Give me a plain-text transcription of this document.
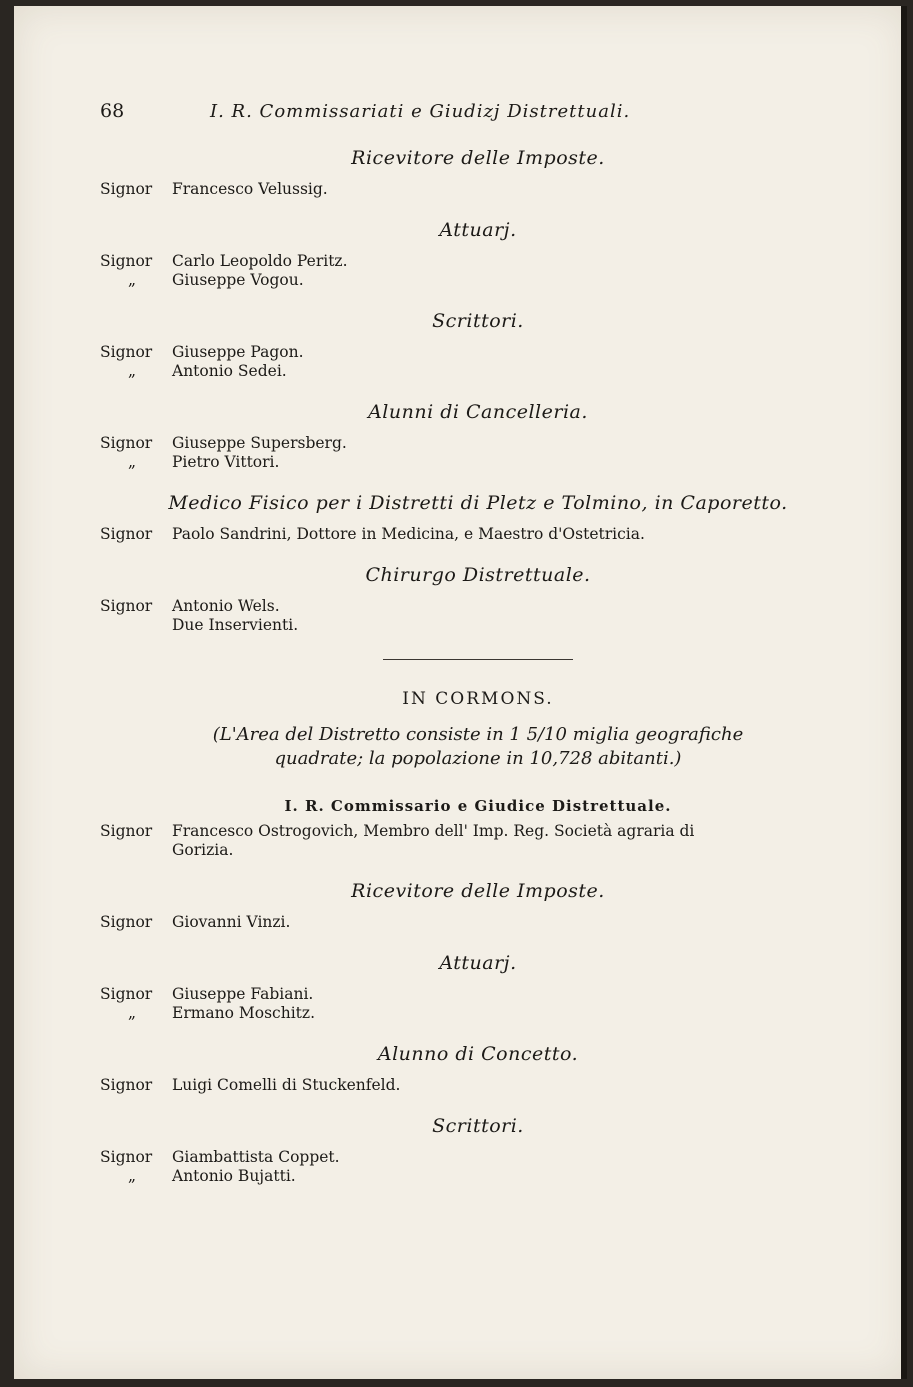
68	I. R. Commissariati e Giudizj Distrettuali.
Ricevitore delle Imposte.
Signor	Francesco Velussig.
Attuarj.
Signor	Carlo Leopoldo Peritz.
„	Giuseppe Vogou.
Scrittori.
Signor	Giuseppe Pagon.
„	Antonio Sedei.
Alunni di Cancelleria.
Signor	Giuseppe Supersberg.
„	Pietro Vittori.
Medico Fisico per i Distretti di Pletz e Tolmino, in Caporetto.
Signor	Paolo Sandrini, Dottore in Medicina, e Maestro d'Ostetricia.
Chirurgo Distrettuale.
Signor	Antonio Wels.
Due Inservienti.
IN CORMONS.
(L'Area del Distretto consiste in 1 5/10 miglia geografiche
quadrate; la popolazione in 10,728 abitanti.)
I. R. Commissario e Giudice Distrettuale.
Signor	Francesco Ostrogovich, Membro dell' Imp. Reg. Società agraria di
Gorizia.
Ricevitore delle Imposte.
Signor	Giovanni Vinzi.
Attuarj.
Signor	Giuseppe Fabiani.
„	Ermano Moschitz.
Alunno di Concetto.
Signor	Luigi Comelli di Stuckenfeld.
Scrittori.
Signor	Giambattista Coppet.
„	Antonio Bujatti.
